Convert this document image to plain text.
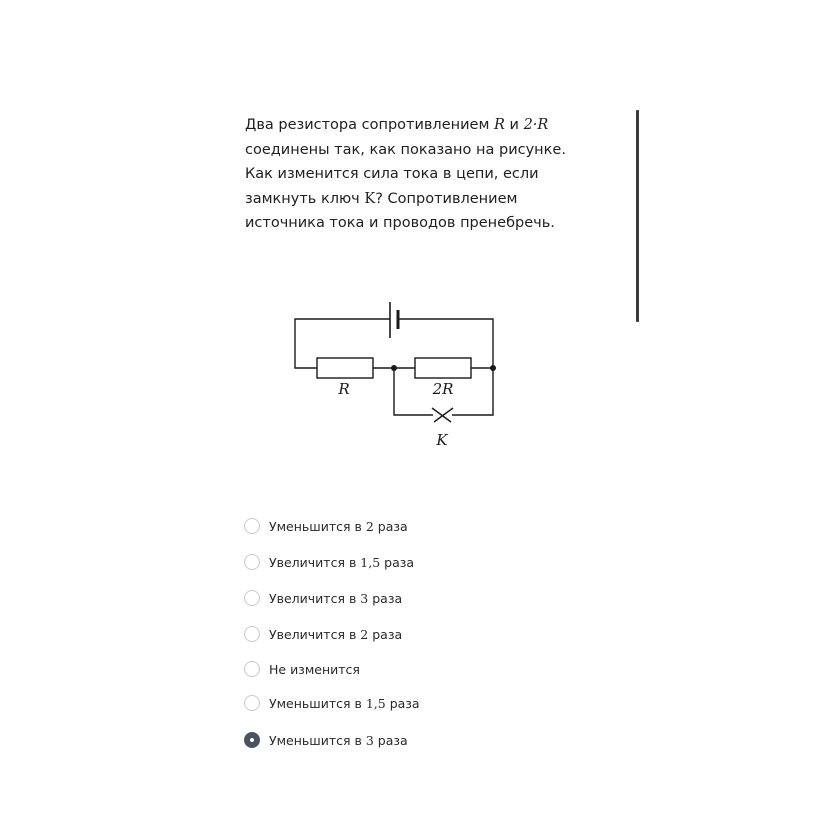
Два резистора сопротивлением R и 2·R
соединены так, как показано на рисунке.
Как изменится сила тока в цепи, если
замкнуть ключ K? Сопротивлением
источника тока и проводов пренебречь.
R	2R
K
Уменьшится в 2 раза
Увеличится в 1,5 раза
Увеличится в 3 раза
Увеличится в 2 раза
Не изменится
Уменьшится в 1,5 раза
Уменьшится в 3 раза
